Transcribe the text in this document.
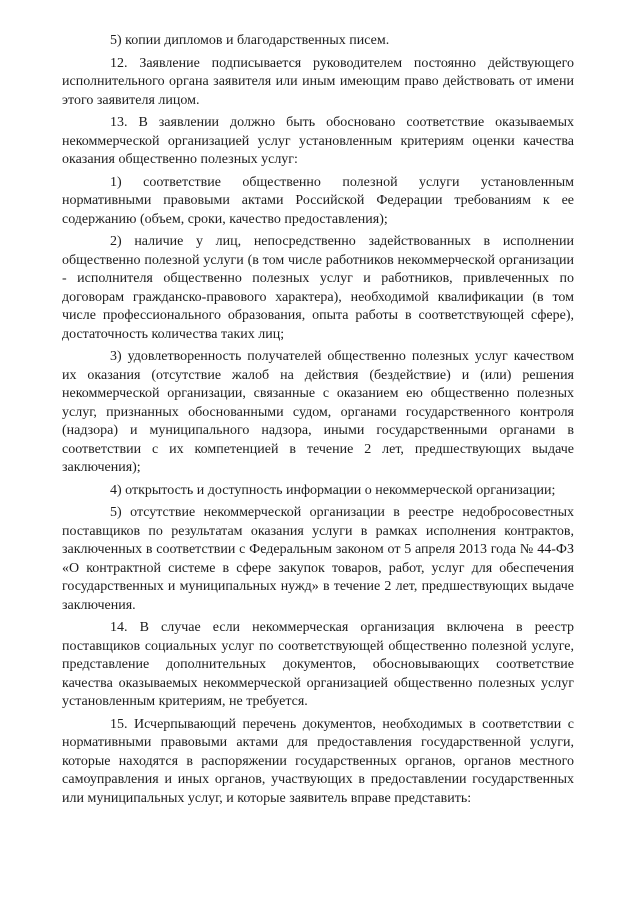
5) копии дипломов и благодарственных писем.

12. Заявление подписывается руководителем постоянно действующего исполнительного органа заявителя или иным имеющим право действовать от имени этого заявителя лицом.

13. В заявлении должно быть обосновано соответствие оказываемых некоммерческой организацией услуг установленным критериям оценки качества оказания общественно полезных услуг:

1) соответствие общественно полезной услуги установленным нормативными правовыми актами Российской Федерации требованиям к ее содержанию (объем, сроки, качество предоставления);

2) наличие у лиц, непосредственно задействованных в исполнении общественно полезной услуги (в том числе работников некоммерческой организации - исполнителя общественно полезных услуг и работников, привлеченных по договорам гражданско-правового характера), необходимой квалификации (в том числе профессионального образования, опыта работы в соответствующей сфере), достаточность количества таких лиц;

3) удовлетворенность получателей общественно полезных услуг качеством их оказания (отсутствие жалоб на действия (бездействие) и (или) решения некоммерческой организации, связанные с оказанием ею общественно полезных услуг, признанных обоснованными судом, органами государственного контроля (надзора) и муниципального надзора, иными государственными органами в соответствии с их компетенцией в течение 2 лет, предшествующих выдаче заключения);

4) открытость и доступность информации о некоммерческой организации;

5) отсутствие некоммерческой организации в реестре недобросовестных поставщиков по результатам оказания услуги в рамках исполнения контрактов, заключенных в соответствии с Федеральным законом от 5 апреля 2013 года № 44-ФЗ «О контрактной системе в сфере закупок товаров, работ, услуг для обеспечения государственных и муниципальных нужд» в течение 2 лет, предшествующих выдаче заключения.

14. В случае если некоммерческая организация включена в реестр поставщиков социальных услуг по соответствующей общественно полезной услуге, представление дополнительных документов, обосновывающих соответствие качества оказываемых некоммерческой организацией общественно полезных услуг установленным критериям, не требуется.

15. Исчерпывающий перечень документов, необходимых в соответствии с нормативными правовыми актами для предоставления государственной услуги, которые находятся в распоряжении государственных органов, органов местного самоуправления и иных органов, участвующих в предоставлении государственных или муниципальных услуг, и которые заявитель вправе представить:
